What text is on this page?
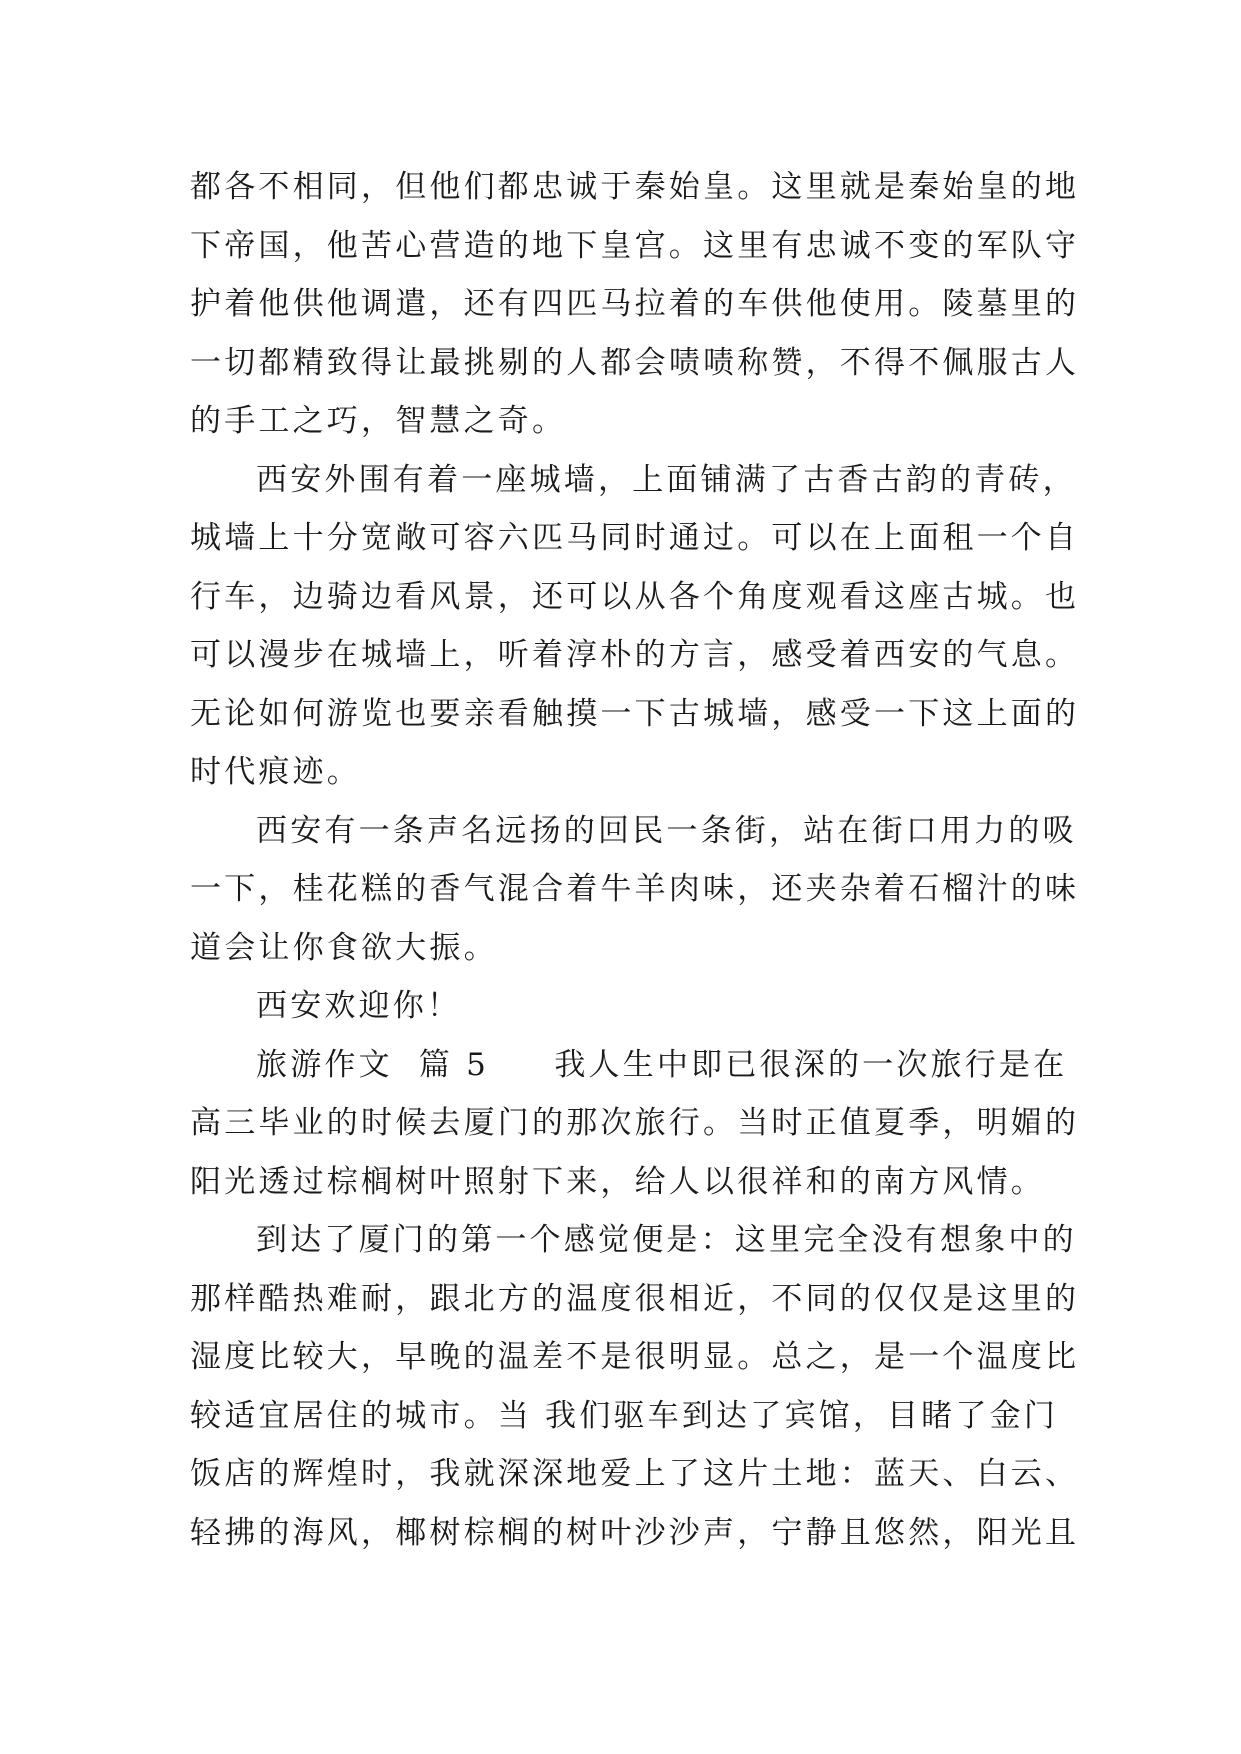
都各不相同，但他们都忠诚于秦始皇。这里就是秦始皇的地
下帝国，他苦心营造的地下皇宫。这里有忠诚不变的军队守
护着他供他调遣，还有四匹马拉着的车供他使用。陵墓里的
一切都精致得让最挑剔的人都会啧啧称赞，不得不佩服古人
的手工之巧，智慧之奇。
西安外围有着一座城墙，上面铺满了古香古韵的青砖，
城墙上十分宽敞可容六匹马同时通过。可以在上面租一个自
行车，边骑边看风景，还可以从各个角度观看这座古城。也
可以漫步在城墙上，听着淳朴的方言，感受着西安的气息。
无论如何游览也要亲看触摸一下古城墙，感受一下这上面的
时代痕迹。
西安有一条声名远扬的回民一条街，站在街口用力的吸
一下，桂花糕的香气混合着牛羊肉味，还夹杂着石榴汁的味
道会让你食欲大振。
西安欢迎你！
旅游作文  篇 5     我人生中即已很深的一次旅行是在
高三毕业的时候去厦门的那次旅行。当时正值夏季，明媚的
阳光透过棕榈树叶照射下来，给人以很祥和的南方风情。
到达了厦门的第一个感觉便是：这里完全没有想象中的
那样酷热难耐，跟北方的温度很相近，不同的仅仅是这里的
湿度比较大，早晚的温差不是很明显。总之，是一个温度比
较适宜居住的城市。当 我们驱车到达了宾馆，目睹了金门
饭店的辉煌时，我就深深地爱上了这片土地：蓝天、白云、
轻拂的海风，椰树棕榈的树叶沙沙声，宁静且悠然，阳光且
